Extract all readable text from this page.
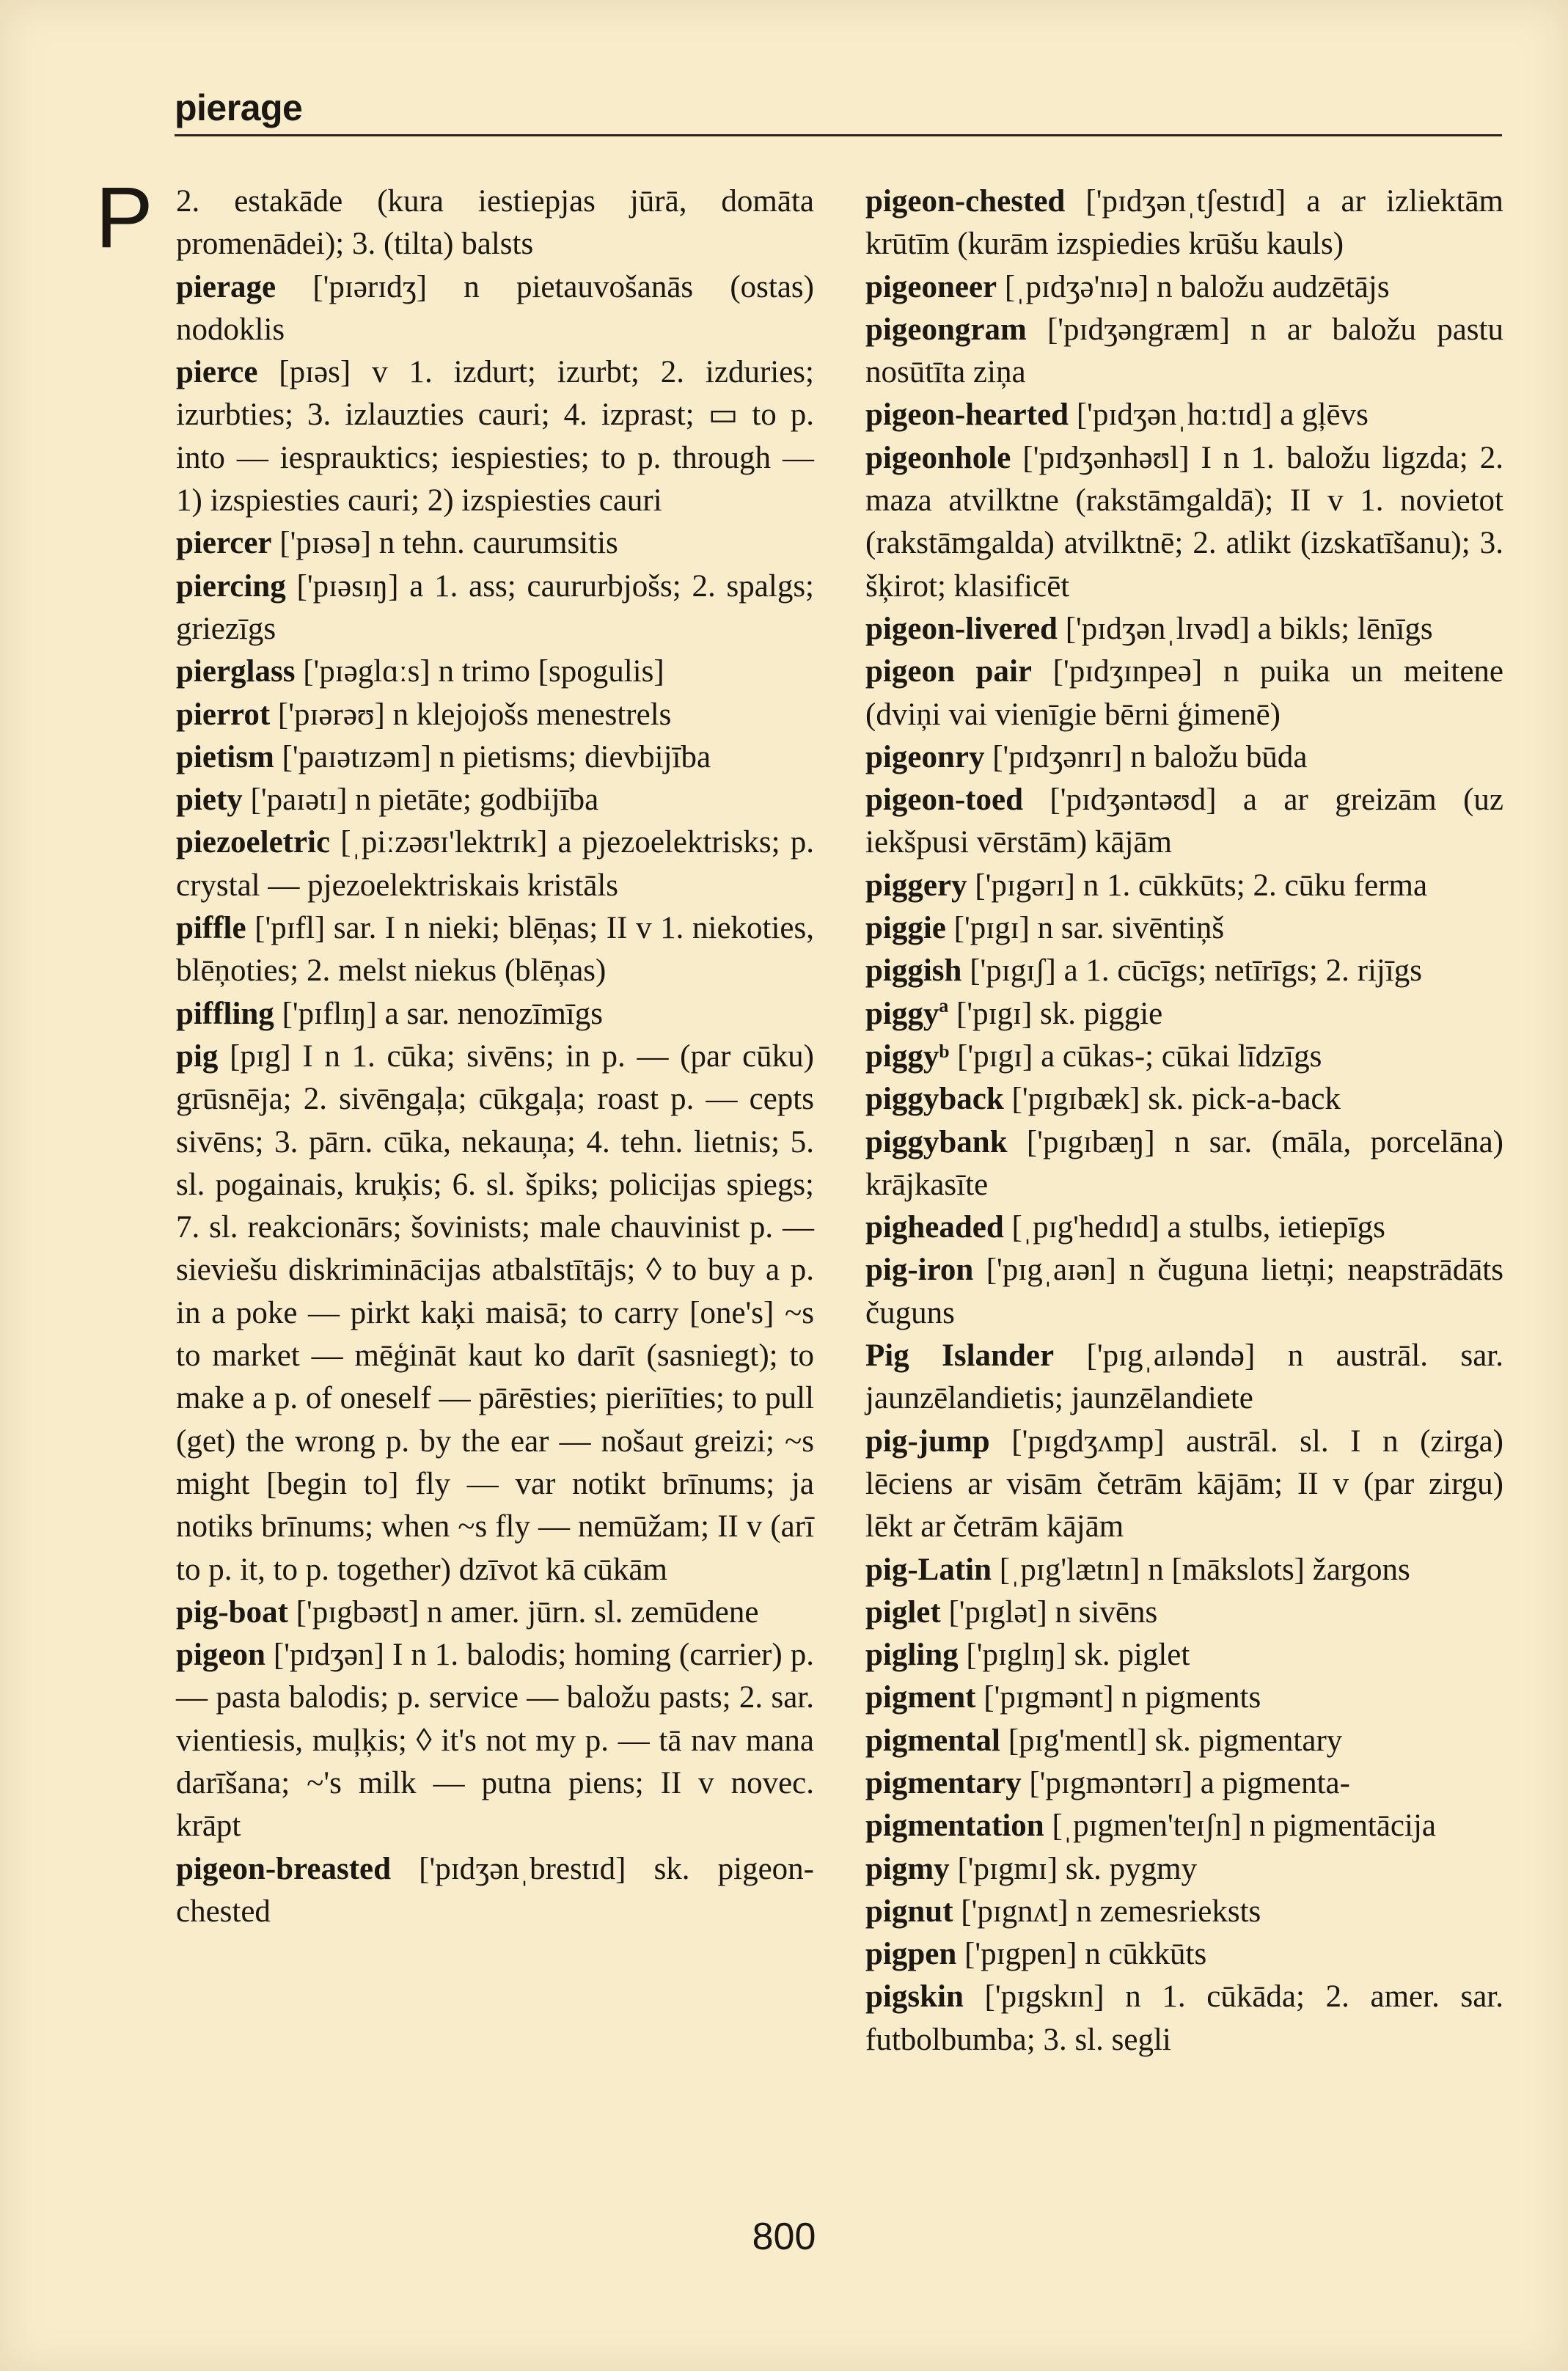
pierage
P 2. estakāde (kura iestiepjas jūrā, domāta promenādei); 3. (tilta) balsts
pierage ['pɪərɪdʒ] n pietauvošanās (ostas) nodoklis
pierce [pɪəs] v 1. izdurt; izurbt; 2. izduries; izurbties; 3. izlauzties cauri; 4. izprast; ▭ to p. into — iesprauktics; iespiesties; to p. through — 1) izspiesties cauri; 2) izspiesties cauri
piercer ['pɪəsə] n tehn. caurumsitis
piercing ['pɪəsɪŋ] a 1. ass; caururbjošs; 2. spalgs; griezīgs
pierglass ['pɪəglɑːs] n trimo [spogulis]
pierrot ['pɪərəʊ] n klejojošs menestrels
pietism ['paɪətɪzəm] n pietisms; dievbijība
piety ['paɪətɪ] n pietāte; godbijība
piezoeletric [ˌpiːzəʊɪ'lektrɪk] a pjezoelektrisks; p. crystal — pjezoelektriskais kristāls
piffle ['pɪfl] sar. I n nieki; blēņas; II v 1. niekoties, blēņoties; 2. melst niekus (blēņas)
piffling ['pɪflɪŋ] a sar. nenozīmīgs
pig [pɪg] I n 1. cūka; sivēns; in p. — (par cūku) grūsnēja; 2. sivēngaļa; cūkgaļa; roast p. — cepts sivēns; 3. pārn. cūka, nekauņa; 4. tehn. lietnis; 5. sl. pogainais, kruķis; 6. sl. špiks; policijas spiegs; 7. sl. reakcionārs; šovinists; male chauvinist p. — sieviešu diskriminācijas atbalstītājs; ◊ to buy a p. in a poke — pirkt kaķi maisā; to carry [one's] ~s to market — mēģināt kaut ko darīt (sasniegt); to make a p. of oneself — pārēsties; pieriīties; to pull (get) the wrong p. by the ear — nošaut greizi; ~s might [begin to] fly — var notikt brīnums; ja notiks brīnums; when ~s fly — nemūžam; II v (arī to p. it, to p. together) dzīvot kā cūkām
pig-boat ['pɪgbəʊt] n amer. jūrn. sl. zemūdene
pigeon ['pɪdʒən] I n 1. balodis; homing (carrier) p. — pasta balodis; p. service — baložu pasts; 2. sar. vientiesis, muļķis; ◊ it's not my p. — tā nav mana darīšana; ~'s milk — putna piens; II v novec. krāpt
pigeon-breasted ['pɪdʒənˌbrestɪd] sk. pigeon-chested
pigeon-chested ['pɪdʒənˌtʃestɪd] a ar izliektām krūtīm (kurām izspiedies krūšu kauls)
pigeoneer [ˌpɪdʒə'nɪə] n baložu audzētājs
pigeongram ['pɪdʒəngræm] n ar baložu pastu nosūtīta ziņa
pigeon-hearted ['pɪdʒənˌhɑːtɪd] a gļēvs
pigeonhole ['pɪdʒənhəʊl] I n 1. baložu ligzda; 2. maza atvilktne (rakstāmgaldā); II v 1. novietot (rakstāmgalda) atvilktnē; 2. atlikt (izskatīšanu); 3. šķirot; klasificēt
pigeon-livered ['pɪdʒənˌlɪvəd] a bikls; lēnīgs
pigeon pair ['pɪdʒɪnpeə] n puika un meitene (dviņi vai vienīgie bērni ģimenē)
pigeonry ['pɪdʒənrɪ] n baložu būda
pigeon-toed ['pɪdʒəntəʊd] a ar greizām (uz iekšpusi vērstām) kājām
piggery ['pɪgərɪ] n 1. cūkkūts; 2. cūku ferma
piggie ['pɪgɪ] n sar. sivēntiņš
piggish ['pɪgɪʃ] a 1. cūcīgs; netīrīgs; 2. rijīgs
piggyª ['pɪgɪ] sk. piggie
piggyᵇ ['pɪgɪ] a cūkas-; cūkai līdzīgs
piggyback ['pɪgɪbæk] sk. pick-a-back
piggybank ['pɪgɪbæŋ] n sar. (māla, porcelāna) krājkasīte
pigheaded [ˌpɪg'hedɪd] a stulbs, ietiepīgs
pig-iron ['pɪgˌaɪən] n čuguna lietņi; neapstrādāts čuguns
Pig Islander ['pɪgˌaɪləndə] n austrāl. sar. jaunzēlandietis; jaunzēlandiete
pig-jump ['pɪgdʒʌmp] austrāl. sl. I n (zirga) lēciens ar visām četrām kājām; II v (par zirgu) lēkt ar četrām kājām
pig-Latin [ˌpɪg'lætɪn] n [mākslots] žargons
piglet ['pɪglət] n sivēns
pigling ['pɪglɪŋ] sk. piglet
pigment ['pɪgmənt] n pigments
pigmental [pɪg'mentl] sk. pigmentary
pigmentary ['pɪgməntərɪ] a pigmenta-
pigmentation [ˌpɪgmen'teɪʃn] n pigmentācija
pigmy ['pɪgmɪ] sk. pygmy
pignut ['pɪgnʌt] n zemesrieksts
pigpen ['pɪgpen] n cūkkūts
pigskin ['pɪgskɪn] n 1. cūkāda; 2. amer. sar. futbolbumba; 3. sl. segli
800
